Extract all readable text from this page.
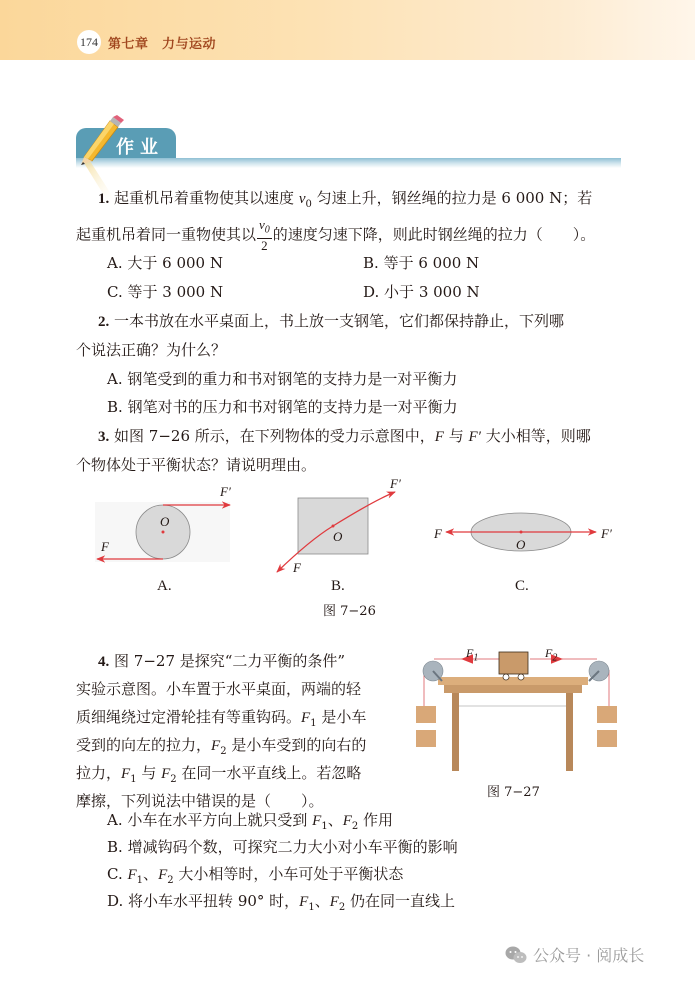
174 第七章　力与运动
作业
1. 起重机吊着重物使其以速度 $v_0$ 匀速上升，钢丝绳的拉力是 6 000 N；若
起重机吊着同一重物使其以 $\frac{v_0}{2}$ 的速度匀速下降，则此时钢丝绳的拉力（　　）。
A. 大于 6 000 N	B. 等于 6 000 N
C. 等于 3 000 N	D. 小于 3 000 N
2. 一本书放在水平桌面上，书上放一支钢笔，它们都保持静止，下列哪
个说法正确？为什么？
A. 钢笔受到的重力和书对钢笔的支持力是一对平衡力
B. 钢笔对书的压力和书对钢笔的支持力是一对平衡力
3. 如图 7−26 所示，在下列物体的受力示意图中，F 与 F′ 大小相等，则哪
个物体处于平衡状态？请说明理由。
F′
O
F
A.
F′
O
F
B.
F
O
F′
C.
图 7−26
4. 图 7−27 是探究“二力平衡的条件”
实验示意图。小车置于水平桌面，两端的轻
质细绳绕过定滑轮挂有等重钩码。$F_1$ 是小车
受到的向左的拉力，$F_2$ 是小车受到的向右的
拉力，$F_1$ 与 $F_2$ 在同一水平直线上。若忽略
摩擦，下列说法中错误的是（　　）。
A. 小车在水平方向上就只受到 $F_1$、$F_2$ 作用
B. 增减钩码个数，可探究二力大小对小车平衡的影响
C. $F_1$、$F_2$ 大小相等时，小车可处于平衡状态
D. 将小车水平扭转 90° 时，$F_1$、$F_2$ 仍在同一直线上
$F_1$	$F_2$
图 7−27
公众号 · 阅成长
